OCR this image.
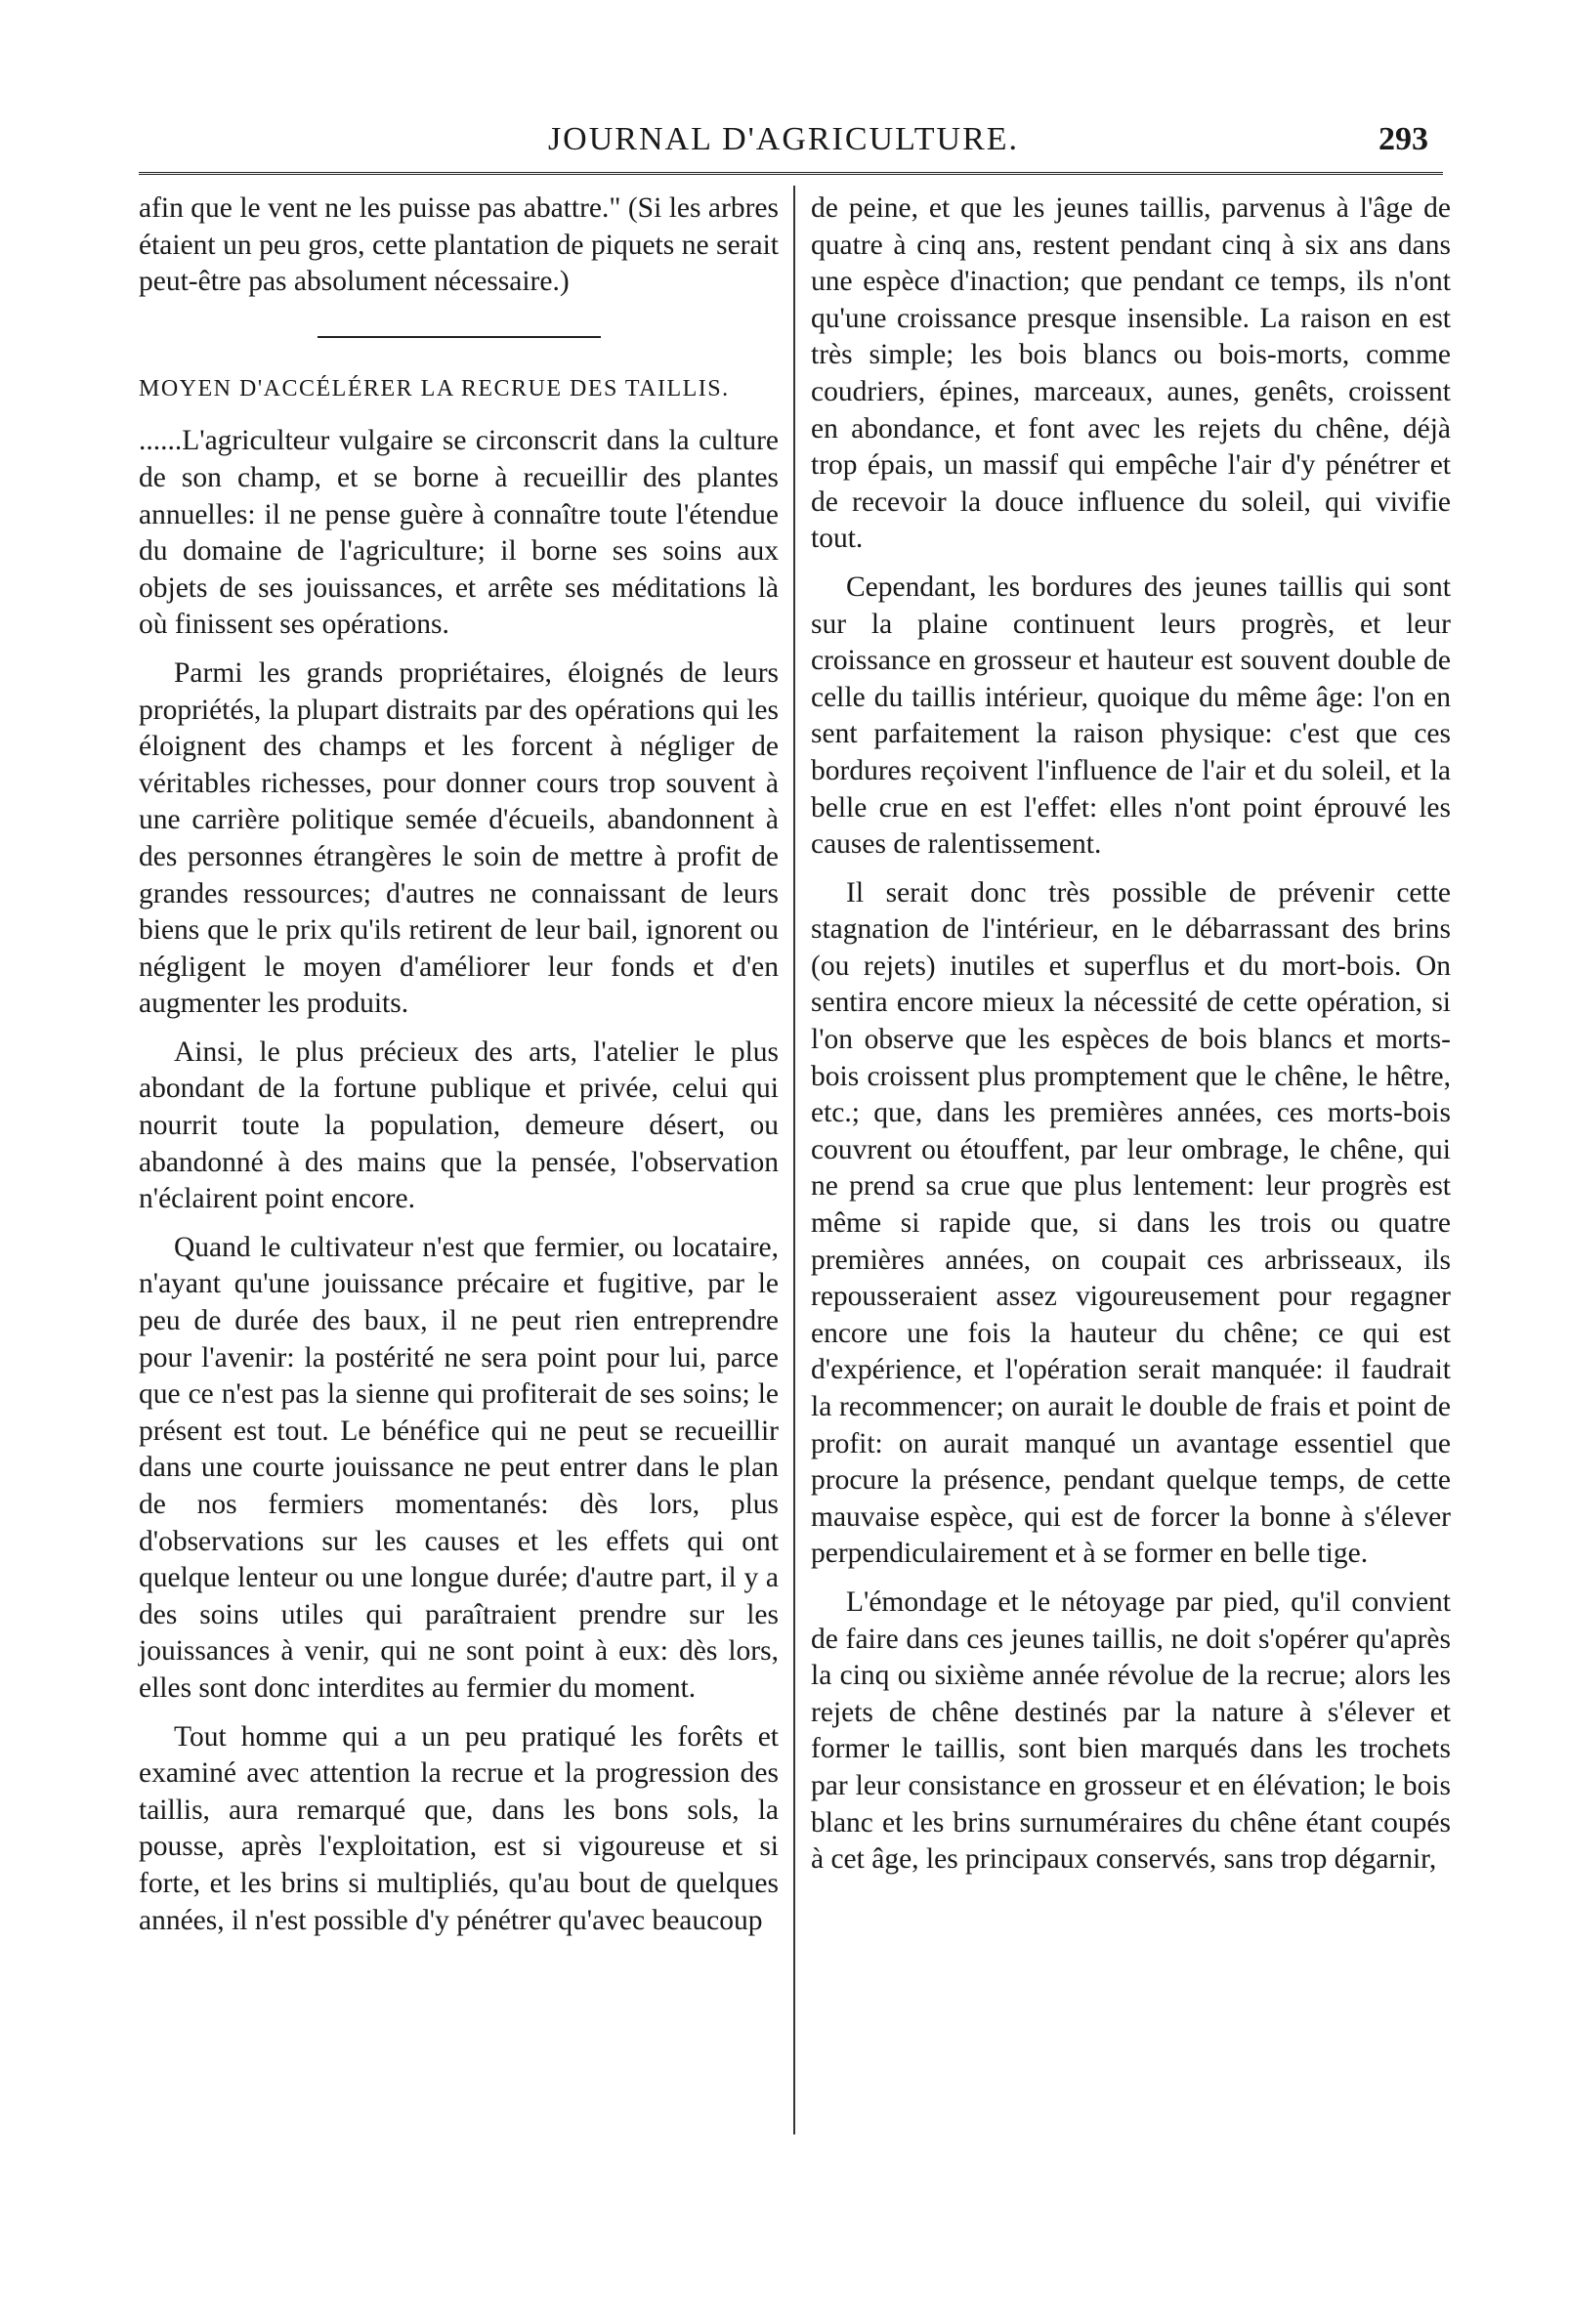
JOURNAL D'AGRICULTURE.	293

afin que le vent ne les puisse pas abattre." (Si les arbres étaient un peu gros, cette plantation de piquets ne serait peut-être pas absolument nécessaire.)

MOYEN D'ACCÉLÉRER LA RECRUE DES TAILLIS.

......L'agriculteur vulgaire se circonscrit dans la culture de son champ, et se borne à recueillir des plantes annuelles: il ne pense guère à connaître toute l'étendue du domaine de l'agriculture; il borne ses soins aux objets de ses jouissances, et arrête ses méditations là où finissent ses opérations.

Parmi les grands propriétaires, éloignés de leurs propriétés, la plupart distraits par des opérations qui les éloignent des champs et les forcent à négliger de véritables richesses, pour donner cours trop souvent à une carrière politique semée d'écueils, abandonnent à des personnes étrangères le soin de mettre à profit de grandes ressources; d'autres ne connaissant de leurs biens que le prix qu'ils retirent de leur bail, ignorent ou négligent le moyen d'améliorer leur fonds et d'en augmenter les produits.

Ainsi, le plus précieux des arts, l'atelier le plus abondant de la fortune publique et privée, celui qui nourrit toute la population, demeure désert, ou abandonné à des mains que la pensée, l'observation n'éclairent point encore.

Quand le cultivateur n'est que fermier, ou locataire, n'ayant qu'une jouissance précaire et fugitive, par le peu de durée des baux, il ne peut rien entreprendre pour l'avenir: la postérité ne sera point pour lui, parce que ce n'est pas la sienne qui profiterait de ses soins; le présent est tout. Le bénéfice qui ne peut se recueillir dans une courte jouissance ne peut entrer dans le plan de nos fermiers momentanés: dès lors, plus d'observations sur les causes et les effets qui ont quelque lenteur ou une longue durée; d'autre part, il y a des soins utiles qui paraîtraient prendre sur les jouissances à venir, qui ne sont point à eux: dès lors, elles sont donc interdites au fermier du moment.

Tout homme qui a un peu pratiqué les forêts et examiné avec attention la recrue et la progression des taillis, aura remarqué que, dans les bons sols, la pousse, après l'exploitation, est si vigoureuse et si forte, et les brins si multipliés, qu'au bout de quelques années, il n'est possible d'y pénétrer qu'avec beaucoup

de peine, et que les jeunes taillis, parvenus à l'âge de quatre à cinq ans, restent pendant cinq à six ans dans une espèce d'inaction; que pendant ce temps, ils n'ont qu'une croissance presque insensible. La raison en est très simple; les bois blancs ou bois-morts, comme coudriers, épines, marceaux, aunes, genêts, croissent en abondance, et font avec les rejets du chêne, déjà trop épais, un massif qui empêche l'air d'y pénétrer et de recevoir la douce influence du soleil, qui vivifie tout.

Cependant, les bordures des jeunes taillis qui sont sur la plaine continuent leurs progrès, et leur croissance en grosseur et hauteur est souvent double de celle du taillis intérieur, quoique du même âge: l'on en sent parfaitement la raison physique: c'est que ces bordures reçoivent l'influence de l'air et du soleil, et la belle crue en est l'effet: elles n'ont point éprouvé les causes de ralentissement.

Il serait donc très possible de prévenir cette stagnation de l'intérieur, en le débarrassant des brins (ou rejets) inutiles et superflus et du mort-bois. On sentira encore mieux la nécessité de cette opération, si l'on observe que les espèces de bois blancs et morts-bois croissent plus promptement que le chêne, le hêtre, etc.; que, dans les premières années, ces morts-bois couvrent ou étouffent, par leur ombrage, le chêne, qui ne prend sa crue que plus lentement: leur progrès est même si rapide que, si dans les trois ou quatre premières années, on coupait ces arbrisseaux, ils repousseraient assez vigoureusement pour regagner encore une fois la hauteur du chêne; ce qui est d'expérience, et l'opération serait manquée: il faudrait la recommencer; on aurait le double de frais et point de profit: on aurait manqué un avantage essentiel que procure la présence, pendant quelque temps, de cette mauvaise espèce, qui est de forcer la bonne à s'élever perpendiculairement et à se former en belle tige.

L'émondage et le nétoyage par pied, qu'il convient de faire dans ces jeunes taillis, ne doit s'opérer qu'après la cinq ou sixième année révolue de la recrue; alors les rejets de chêne destinés par la nature à s'élever et former le taillis, sont bien marqués dans les trochets par leur consistance en grosseur et en élévation; le bois blanc et les brins surnuméraires du chêne étant coupés à cet âge, les principaux conservés, sans trop dégarnir,
